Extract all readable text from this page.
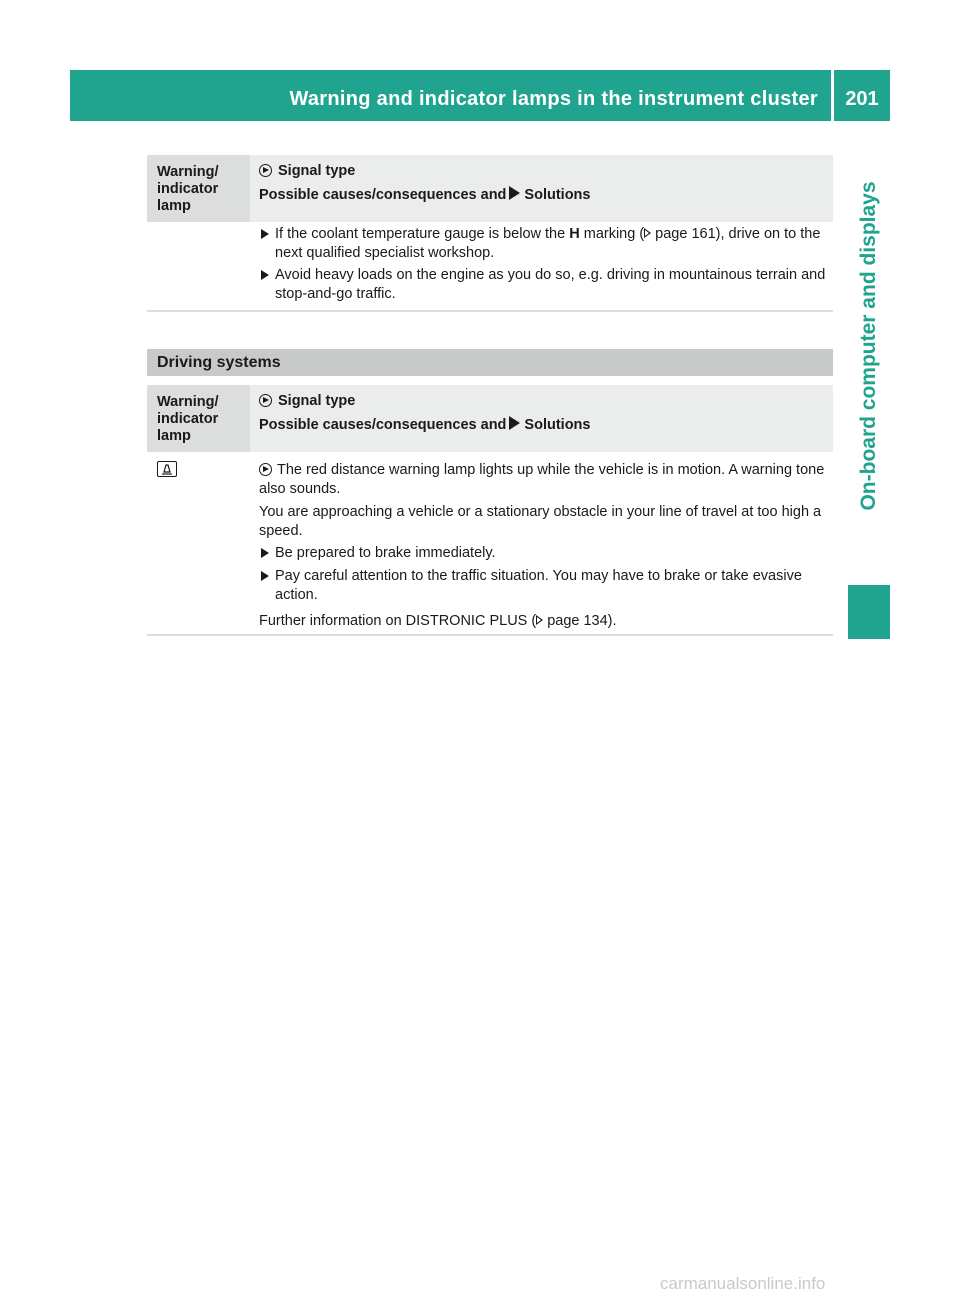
Warning and indicator lamps in the instrument cluster	201
On-board computer and displays
Warning/
indicator
lamp
Signal type
Possible causes/consequences and Solutions
If the coolant temperature gauge is below the H marking ( page 161), drive on to the next qualified specialist workshop.
Avoid heavy loads on the engine as you do so, e.g. driving in mountainous terrain and stop-and-go traffic.
Driving systems
Warning/
indicator
lamp
Signal type
Possible causes/consequences and Solutions
The red distance warning lamp lights up while the vehicle is in motion. A warning tone also sounds.
You are approaching a vehicle or a stationary obstacle in your line of travel at too high a speed.
Be prepared to brake immediately.
Pay careful attention to the traffic situation. You may have to brake or take evasive action.
Further information on DISTRONIC PLUS ( page 134).
carmanualsonline.info
